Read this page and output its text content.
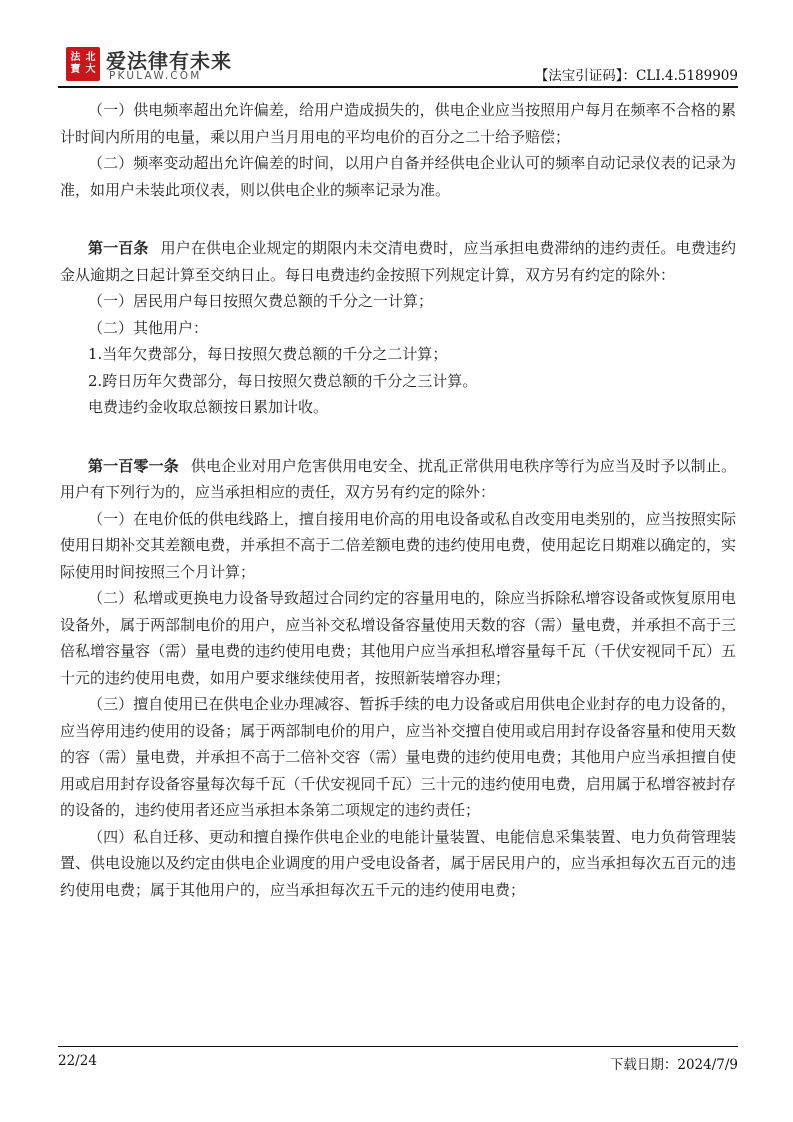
法 北
寶 大 爱法律有未来
PKULAW.COM	【法宝引证码】：CLI.4.5189909

（一）供电频率超出允许偏差，给用户造成损失的，供电企业应当按照用户每月在频率不合格的累计时间内所用的电量，乘以用户当月用电的平均电价的百分之二十给予赔偿；

（二）频率变动超出允许偏差的时间，以用户自备并经供电企业认可的频率自动记录仪表的记录为准，如用户未装此项仪表，则以供电企业的频率记录为准。

第一百条 用户在供电企业规定的期限内未交清电费时，应当承担电费滞纳的违约责任。电费违约金从逾期之日起计算至交纳日止。每日电费违约金按照下列规定计算，双方另有约定的除外：

（一）居民用户每日按照欠费总额的千分之一计算；

（二）其他用户：

1.当年欠费部分，每日按照欠费总额的千分之二计算；

2.跨日历年欠费部分，每日按照欠费总额的千分之三计算。

电费违约金收取总额按日累加计收。

第一百零一条 供电企业对用户危害供用电安全、扰乱正常供用电秩序等行为应当及时予以制止。用户有下列行为的，应当承担相应的责任，双方另有约定的除外：

（一）在电价低的供电线路上，擅自接用电价高的用电设备或私自改变用电类别的，应当按照实际使用日期补交其差额电费，并承担不高于二倍差额电费的违约使用电费，使用起讫日期难以确定的，实际使用时间按照三个月计算；

（二）私增或更换电力设备导致超过合同约定的容量用电的，除应当拆除私增容设备或恢复原用电设备外，属于两部制电价的用户，应当补交私增设备容量使用天数的容（需）量电费，并承担不高于三倍私增容量容（需）量电费的违约使用电费；其他用户应当承担私增容量每千瓦（千伏安视同千瓦）五十元的违约使用电费，如用户要求继续使用者，按照新装增容办理；

（三）擅自使用已在供电企业办理减容、暂拆手续的电力设备或启用供电企业封存的电力设备的，应当停用违约使用的设备；属于两部制电价的用户，应当补交擅自使用或启用封存设备容量和使用天数的容（需）量电费，并承担不高于二倍补交容（需）量电费的违约使用电费；其他用户应当承担擅自使用或启用封存设备容量每次每千瓦（千伏安视同千瓦）三十元的违约使用电费，启用属于私增容被封存的设备的，违约使用者还应当承担本条第二项规定的违约责任；

（四）私自迁移、更动和擅自操作供电企业的电能计量装置、电能信息采集装置、电力负荷管理装置、供电设施以及约定由供电企业调度的用户受电设备者，属于居民用户的，应当承担每次五百元的违约使用电费；属于其他用户的，应当承担每次五千元的违约使用电费；

22/24	下载日期：2024/7/9
